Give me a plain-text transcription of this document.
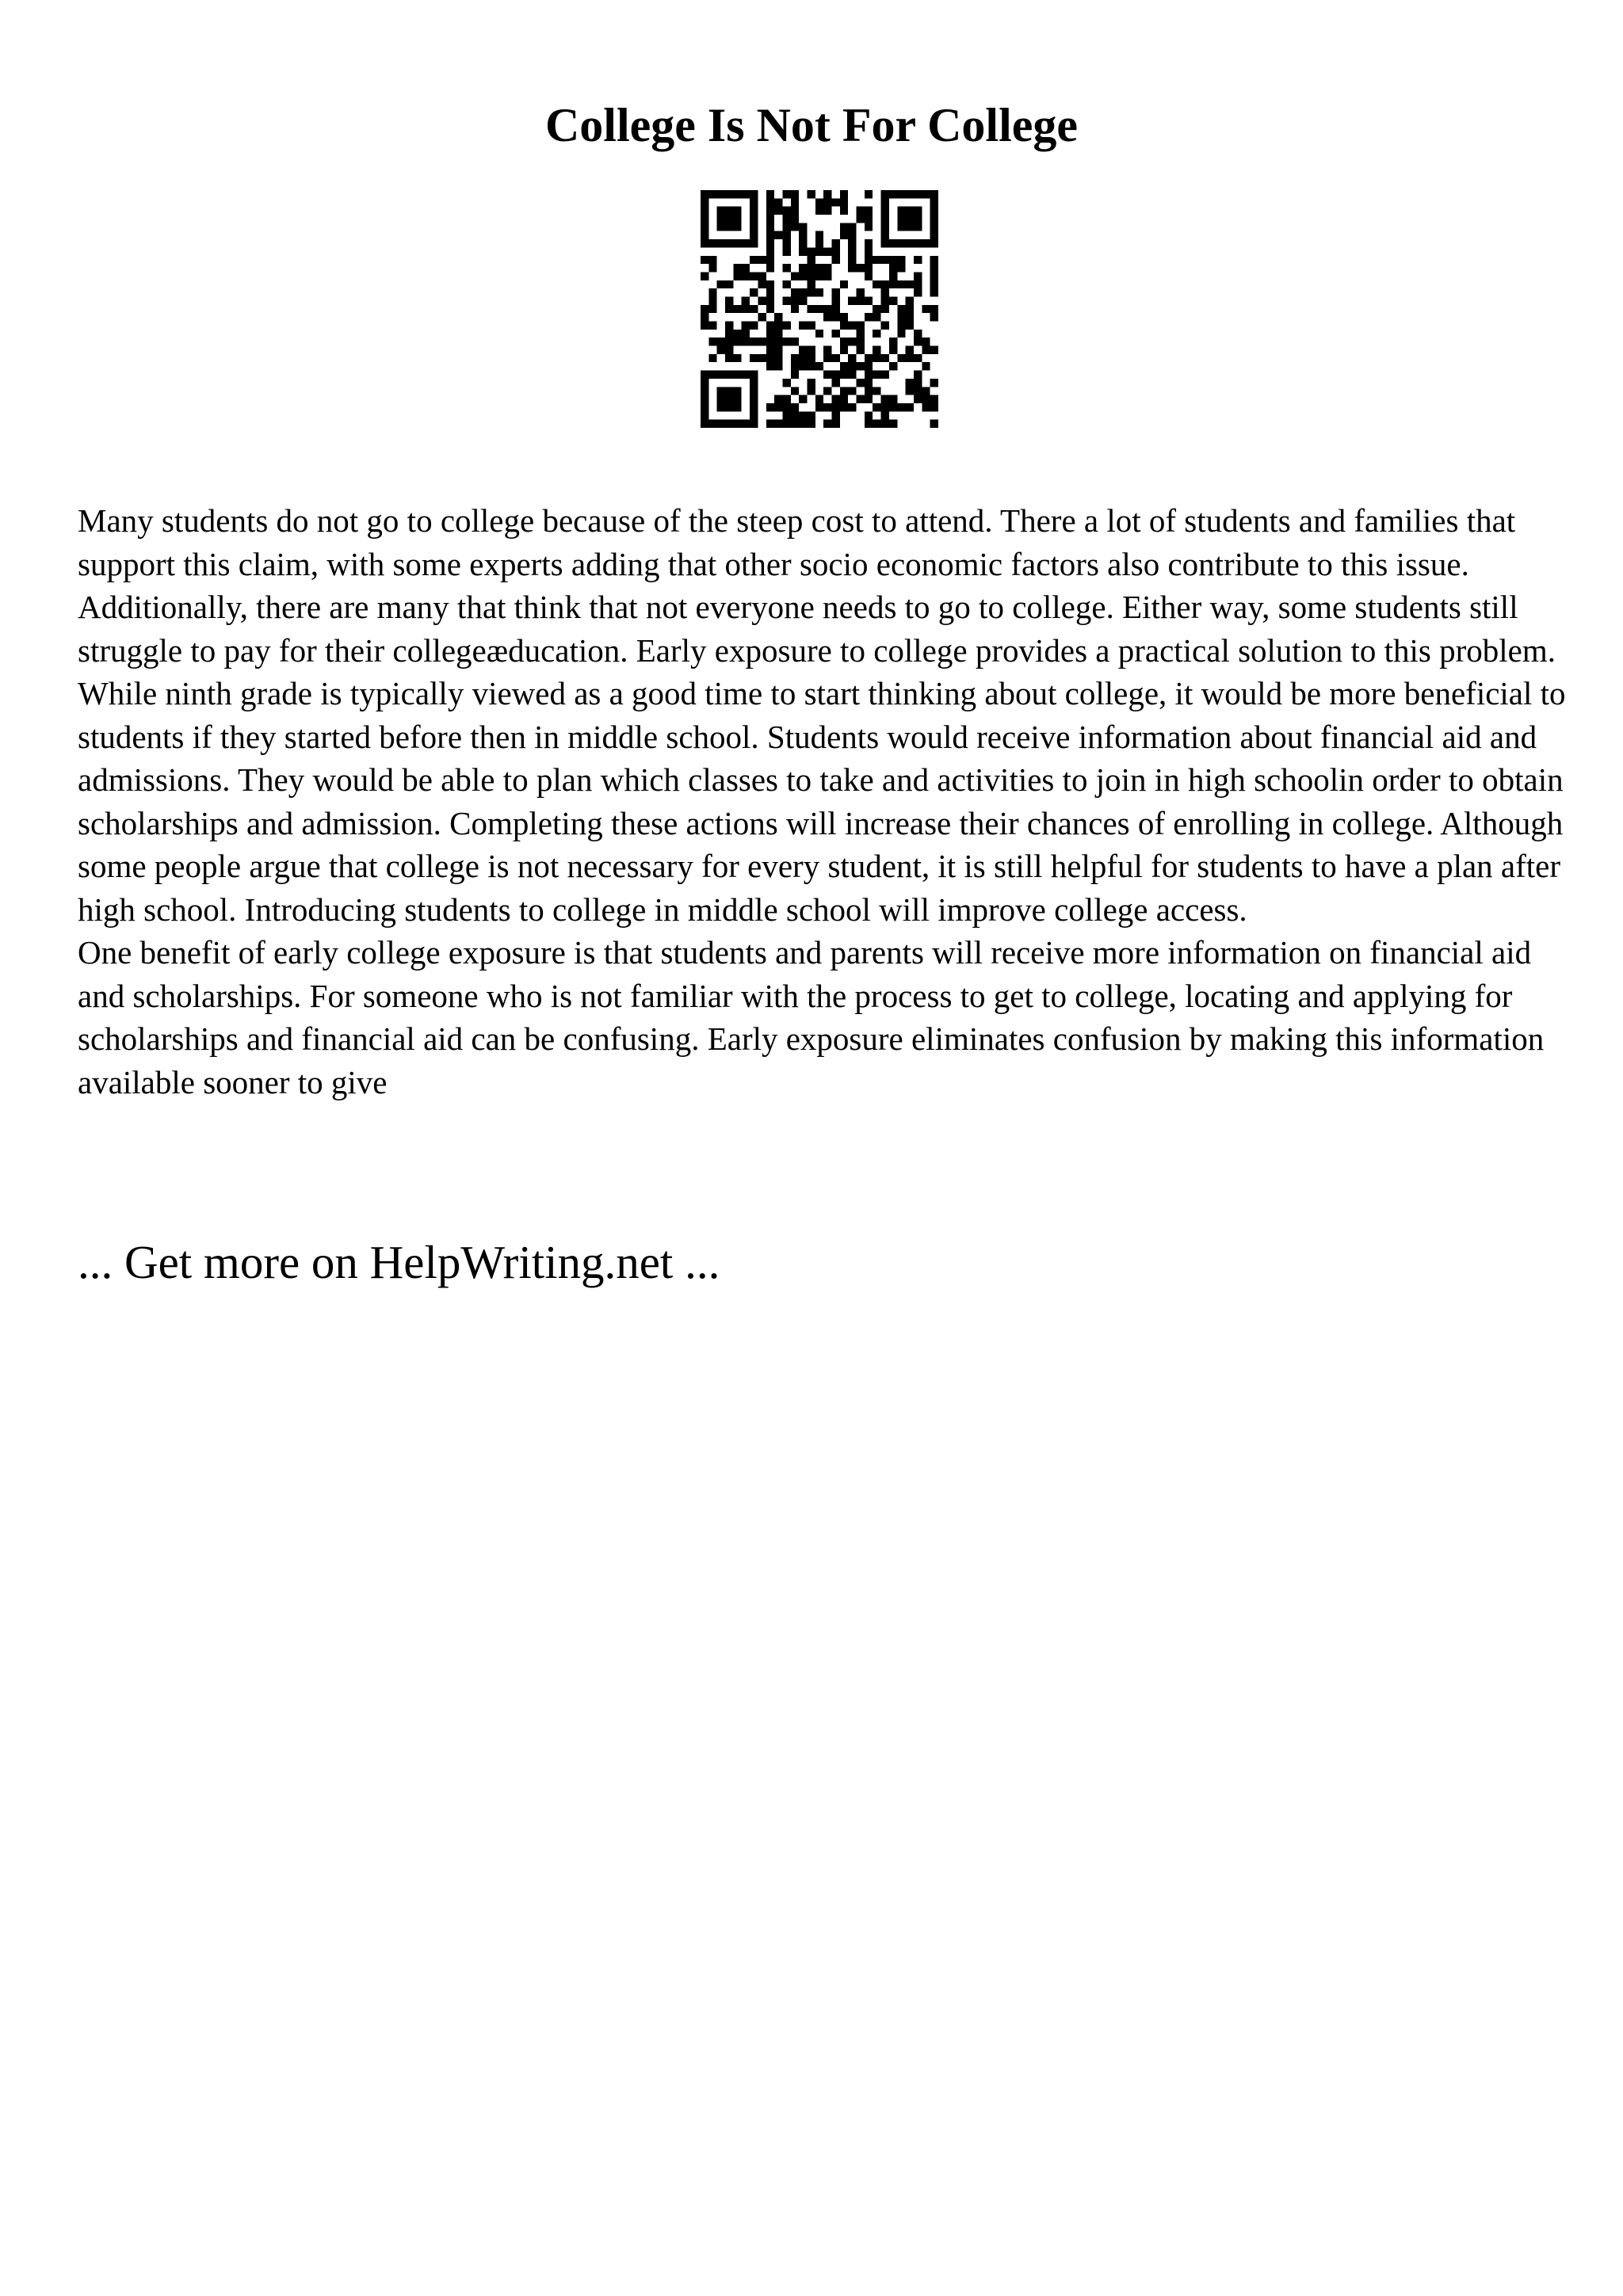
College Is Not For College

Many students do not go to college because of the steep cost to attend. There a lot of students and families that support this claim, with some experts adding that other socio economic factors also contribute to this issue. Additionally, there are many that think that not everyone needs to go to college. Either way, some students still struggle to pay for their collegeæducation. Early exposure to college provides a practical solution to this problem. While ninth grade is typically viewed as a good time to start thinking about college, it would be more beneficial to students if they started before then in middle school. Students would receive information about financial aid and admissions. They would be able to plan which classes to take and activities to join in high schoolin order to obtain scholarships and admission. Completing these actions will increase their chances of enrolling in college. Although some people argue that college is not necessary for every student, it is still helpful for students to have a plan after high school. Introducing students to college in middle school will improve college access.

One benefit of early college exposure is that students and parents will receive more information on financial aid and scholarships. For someone who is not familiar with the process to get to college, locating and applying for scholarships and financial aid can be confusing. Early exposure eliminates confusion by making this information available sooner to give

... Get more on HelpWriting.net ...
